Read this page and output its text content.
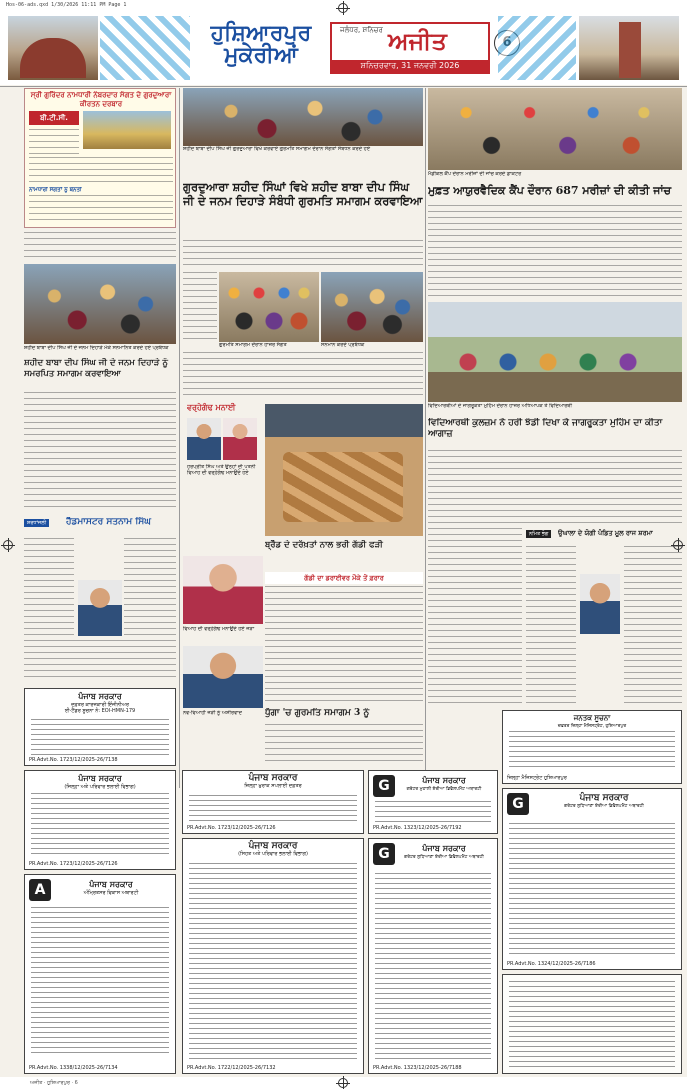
Hos-06-ads.qxd 1/30/2026 11:11 PM Page 1
ਹੁਸ਼ਿਆਰਪੁਰ
ਮੁਕੇਰੀਆਂ
ਜਲੰਧਰ, ਸ਼ਨਿਚਰ ਅਜੀਤ
ਸ਼ਨਿਚਰਵਾਰ, 31 ਜਨਵਰੀ 2026
ਸ੍ਰੀ ਗੁਰਿੰਦਰ ਨਾਮਧਾਰੀ ਨੰਬਰਦਾਰ ਸੰਗਤ ਦੇ ਗੁਰਦੁਆਰਾ ਕੀਰਤਨ ਦਰਬਾਰ
ਬੀ.ਟੀ.ਸੀ.
ਨਾਮਧਾਰੀ ਸੰਗਤਾਂ ਨੂੰ ਬੇਨਤੀ
ਸ਼ਹੀਦ ਬਾਬਾ ਦੀਪ ਸਿੰਘ ਜੀ ਗੁਰਦੁਆਰਾ ਵਿਖੇ ਕਰਵਾਏ ਗੁਰਮਤਿ ਸਮਾਗਮ ਦੌਰਾਨ ਸੰਗਤਾਂ ਸੰਬੋਧਨ ਕਰਦੇ ਹੋਏ
ਮੈਡੀਕਲ ਕੈਂਪ ਦੌਰਾਨ ਮਰੀਜ਼ਾਂ ਦੀ ਜਾਂਚ ਕਰਦੇ ਡਾਕਟਰ
ਗੁਰਦੁਆਰਾ ਸ਼ਹੀਦ ਸਿੰਘਾਂ ਵਿਖੇ ਸ਼ਹੀਦ ਬਾਬਾ ਦੀਪ ਸਿੰਘ ਜੀ ਦੇ ਜਨਮ ਦਿਹਾੜੇ ਸੰਬੰਧੀ ਗੁਰਮਤਿ ਸਮਾਗਮ ਕਰਵਾਇਆ
ਮੁਫ਼ਤ ਆਯੁਰਵੈਦਿਕ ਕੈਂਪ ਦੌਰਾਨ 687 ਮਰੀਜ਼ਾਂ ਦੀ ਕੀਤੀ ਜਾਂਚ
ਸ਼ਹੀਦ ਬਾਬਾ ਦੀਪ ਸਿੰਘ ਜੀ ਦੇ ਜਨਮ ਦਿਹਾੜੇ ਮੌਕੇ ਸਨਮਾਨਿਤ ਕਰਦੇ ਹੋਏ ਪ੍ਰਬੰਧਕ
ਸ਼ਹੀਦ ਬਾਬਾ ਦੀਪ ਸਿੰਘ ਜੀ ਦੇ ਜਨਮ ਦਿਹਾੜੇ ਨੂੰ ਸਮਰਪਿਤ ਸਮਾਗਮ ਕਰਵਾਇਆ
ਗੁਰਮਤਿ ਸਮਾਗਮ ਦੌਰਾਨ ਹਾਜ਼ਰ ਸੰਗਤ	ਸਨਮਾਨ ਕਰਦੇ ਪ੍ਰਬੰਧਕ
ਵਿਦਿਆਰਥੀਆਂ ਦੇ ਜਾਗਰੂਕਤਾ ਮੁਹਿੰਮ ਦੌਰਾਨ ਹਾਜ਼ਰ ਅਧਿਆਪਕ ਤੇ ਵਿਦਿਆਰਥੀ
ਵਰ੍ਹੇਗੰਢ ਮਨਾਈ
ਹਰਪ੍ਰੀਤ ਸਿੰਘ ਅਤੇ ਉਨ੍ਹਾਂ ਦੀ ਪਤਨੀ ਵਿਆਹ ਦੀ ਵਰ੍ਹੇਗੰਢ ਮਨਾਉਂਦੇ ਹੋਏ
ਸ਼ਰਧਾਂਜਲੀ	ਹੈੱਡਮਾਸਟਰ ਸਤਨਾਮ ਸਿੰਘ
ਬ੍ਰੈੱਡ ਦੇ ਦਰੱਖ਼ਤਾਂ ਨਾਲ ਭਰੀ ਗੱਡੀ ਫੜੀ
ਗੱਡੀ ਦਾ ਡਰਾਈਵਰ ਮੌਕੇ ਤੋਂ ਫ਼ਰਾਰ
ਵਿਆਹ ਦੀ ਵਰ੍ਹੇਗੰਢ ਮਨਾਉਂਦੇ ਹੋਏ ਜੋੜਾ
ਨਵ-ਵਿਆਹੀ ਜੋੜੀ ਨੂੰ ਅਸ਼ੀਰਵਾਦ
ਵਿਦਿਆਰਥੀ ਕੁਲਜ਼ਮ ਨੇ ਹਰੀ ਝੰਡੀ ਦਿਖਾ ਕੇ ਜਾਗਰੂਕਤਾ ਮੁਹਿੰਮ ਦਾ ਕੀਤਾ ਆਗਾਜ਼
ਨਮਿਤ ਭੋਗ	ਉਘਾਲਾ ਦੇ ਯੋਗੀ ਪੰਡਿਤ ਮੂਲ ਰਾਜ ਸ਼ਰਮਾ
ਧੁੱਗਾ 'ਚ ਗੁਰਮਤਿ ਸਮਾਗਮ 3 ਨੂੰ
ਪੰਜਾਬ ਸਰਕਾਰ
ਦਫ਼ਤਰ ਕਾਰਜਕਾਰੀ ਇੰਜੀਨੀਅਰ
ਈ-ਟੈਂਡਰ ਸੂਚਨਾ ਨੰ: EOI-HMN-179
PR.Advt.No. 1723/12/2025-26/7138
ਪੰਜਾਬ ਸਰਕਾਰ
(ਜਿਲ੍ਹਾ ਅਤੇ ਪਰਿਵਾਰ ਭਲਾਈ ਵਿਭਾਗ)
PR.Advt.No. 1723/12/2025-26/7126
ਪੰਜਾਬ ਸਰਕਾਰ
ਜ਼ਿਲ੍ਹਾ ਖ਼ੁਰਾਕ ਸਪਲਾਈ ਦਫ਼ਤਰ
PR.Advt.No. 1723/12/2025-26/7126
G	ਪੰਜਾਬ ਸਰਕਾਰ
ਗਰੇਟਰ ਮੁਹਾਲੀ ਏਰੀਆ ਡਿਵੈਲਪਮੈਂਟ ਅਥਾਰਟੀ
PR.Advt.No. 1323/12/2025-26/7192
A	ਪੰਜਾਬ ਸਰਕਾਰ
ਅੰਮ੍ਰਿਤਸਰ ਵਿਕਾਸ ਅਥਾਰਟੀ
PR.Advt.No. 1338/12/2025-26/7134
ਪੰਜਾਬ ਸਰਕਾਰ
(ਸਿਹਤ ਅਤੇ ਪਰਿਵਾਰ ਭਲਾਈ ਵਿਭਾਗ)
PR.Advt.No. 1722/12/2025-26/7132
G	ਪੰਜਾਬ ਸਰਕਾਰ
ਗਰੇਟਰ ਲੁਧਿਆਣਾ ਏਰੀਆ ਡਿਵੈਲਪਮੈਂਟ ਅਥਾਰਟੀ
PR.Advt.No. 1323/12/2025-26/7188
G	ਪੰਜਾਬ ਸਰਕਾਰ
ਗਰੇਟਰ ਲੁਧਿਆਣਾ ਏਰੀਆ ਡਿਵੈਲਪਮੈਂਟ ਅਥਾਰਟੀ
PR.Advt.No. 1324/12/2025-26/7186
ਜਨਤਕ ਸੂਚਨਾ
ਦਫ਼ਤਰ ਜ਼ਿਲ੍ਹਾ ਮੈਜਿਸਟ੍ਰੇਟ, ਹੁਸ਼ਿਆਰਪੁਰ
ਜ਼ਿਲ੍ਹਾ ਮੈਜਿਸਟ੍ਰੇਟ ਹੁਸ਼ਿਆਰਪੁਰ
ਅਜੀਤ · ਹੁਸ਼ਿਆਰਪੁਰ · 6
